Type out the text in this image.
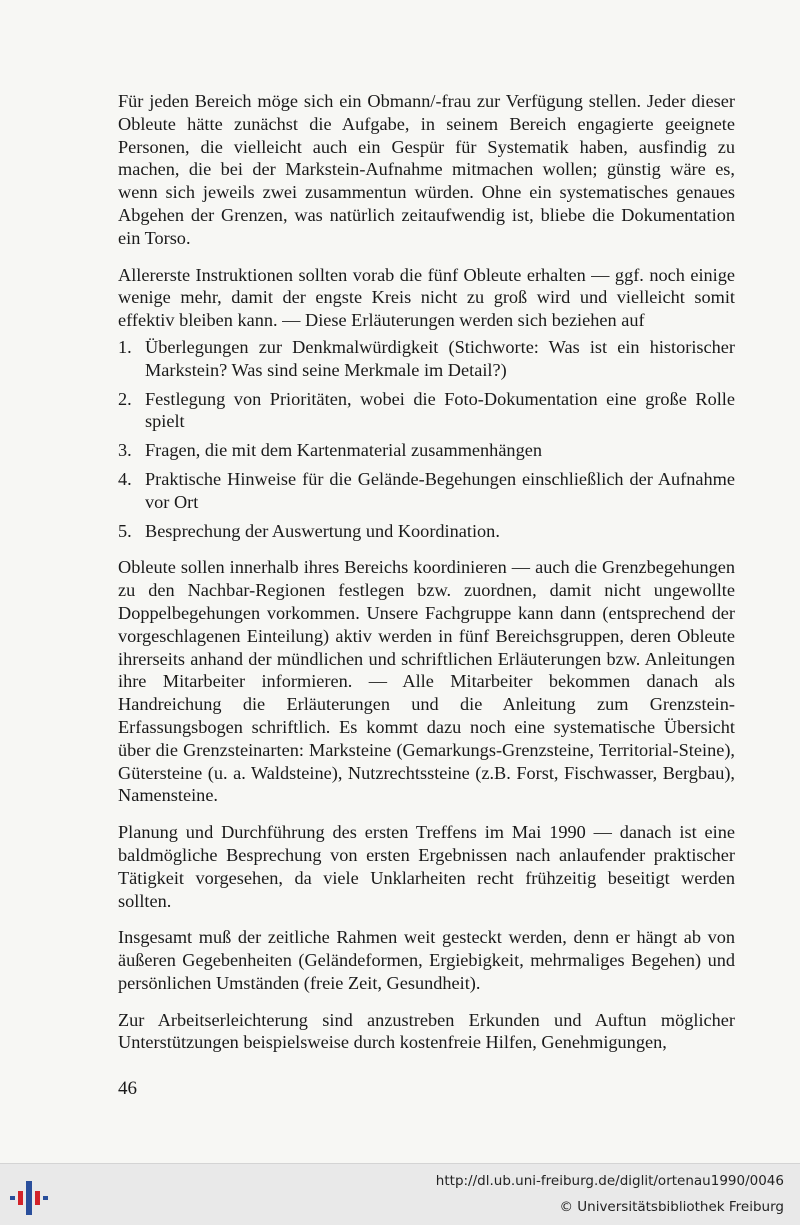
Für jeden Bereich möge sich ein Obmann/-frau zur Verfügung stellen. Jeder dieser Obleute hätte zunächst die Aufgabe, in seinem Bereich engagierte geeignete Personen, die vielleicht auch ein Gespür für Systematik haben, ausfindig zu machen, die bei der Markstein-Aufnahme mitmachen wollen; günstig wäre es, wenn sich jeweils zwei zusammentun würden. Ohne ein systematisches genaues Abgehen der Grenzen, was natürlich zeitaufwendig ist, bliebe die Dokumentation ein Torso.

Allererste Instruktionen sollten vorab die fünf Obleute erhalten — ggf. noch einige wenige mehr, damit der engste Kreis nicht zu groß wird und vielleicht somit effektiv bleiben kann. — Diese Erläuterungen werden sich beziehen auf

1. Überlegungen zur Denkmalwürdigkeit (Stichworte: Was ist ein historischer Markstein? Was sind seine Merkmale im Detail?)
2. Festlegung von Prioritäten, wobei die Foto-Dokumentation eine große Rolle spielt
3. Fragen, die mit dem Kartenmaterial zusammenhängen
4. Praktische Hinweise für die Gelände-Begehungen einschließlich der Aufnahme vor Ort
5. Besprechung der Auswertung und Koordination.

Obleute sollen innerhalb ihres Bereichs koordinieren — auch die Grenzbegehungen zu den Nachbar-Regionen festlegen bzw. zuordnen, damit nicht ungewollte Doppelbegehungen vorkommen. Unsere Fachgruppe kann dann (entsprechend der vorgeschlagenen Einteilung) aktiv werden in fünf Bereichsgruppen, deren Obleute ihrerseits anhand der mündlichen und schriftlichen Erläuterungen bzw. Anleitungen ihre Mitarbeiter informieren. — Alle Mitarbeiter bekommen danach als Handreichung die Erläuterungen und die Anleitung zum Grenzstein-Erfassungsbogen schriftlich. Es kommt dazu noch eine systematische Übersicht über die Grenzsteinarten: Marksteine (Gemarkungs-Grenzsteine, Territorial-Steine), Gütersteine (u. a. Waldsteine), Nutzrechtssteine (z.B. Forst, Fischwasser, Bergbau), Namensteine.

Planung und Durchführung des ersten Treffens im Mai 1990 — danach ist eine baldmögliche Besprechung von ersten Ergebnissen nach anlaufender praktischer Tätigkeit vorgesehen, da viele Unklarheiten recht frühzeitig beseitigt werden sollten.

Insgesamt muß der zeitliche Rahmen weit gesteckt werden, denn er hängt ab von äußeren Gegebenheiten (Geländeformen, Ergiebigkeit, mehrmaliges Begehen) und persönlichen Umständen (freie Zeit, Gesundheit).

Zur Arbeitserleichterung sind anzustreben Erkunden und Auftun möglicher Unterstützungen beispielsweise durch kostenfreie Hilfen, Genehmigungen,

46
http://dl.ub.uni-freiburg.de/diglit/ortenau1990/0046
© Universitätsbibliothek Freiburg
